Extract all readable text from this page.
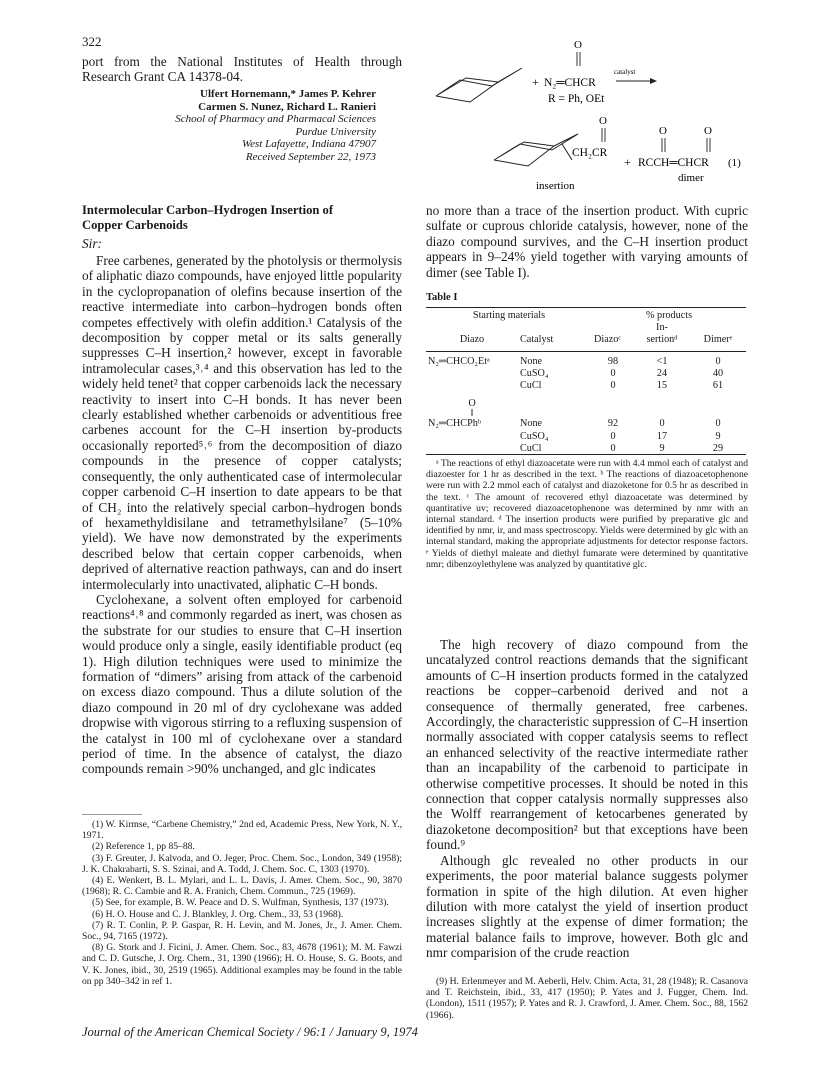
322

port from the National Institutes of Health through Research Grant CA 14378-04.

Ulfert Hornemann,* James P. Kehrer
Carmen S. Nunez, Richard L. Ranieri
School of Pharmacy and Pharmacal Sciences
Purdue University
West Lafayette, Indiana 47907
Received September 22, 1973
O
+ N₂═CHCR
catalyst
R = Ph, OEt
O
CH₂CR
O	O
+ RCCH═CHCR (1)
dimer
insertion
Intermolecular Carbon–Hydrogen Insertion of
Copper Carbenoids
Sir:

Free carbenes, generated by the photolysis or thermolysis of aliphatic diazo compounds, have enjoyed little popularity in the cyclopropanation of olefins because insertion of the reactive intermediate into carbon–hydrogen bonds often competes effectively with olefin addition.¹ Catalysis of the decomposition by copper metal or its salts generally suppresses C–H insertion,² however, except in favorable intramolecular cases,³˒⁴ and this observation has led to the widely held tenet² that copper carbenoids lack the necessary reactivity to insert into C–H bonds. It has never been clearly established whether carbenoids or adventitious free carbenes account for the C–H insertion by-products occasionally reported⁵˒⁶ from the decomposition of diazo compounds in the presence of copper catalysts; consequently, the only authenticated case of intermolecular copper carbenoid C–H insertion to date appears to be that of CH₂ into the relatively special carbon–hydrogen bonds of hexamethyldisilane and tetramethylsilane⁷ (5–10% yield). We have now demonstrated by the experiments described below that certain copper carbenoids, when deprived of alternative reaction pathways, can and do insert intermolecularly into unactivated, aliphatic C–H bonds.

Cyclohexane, a solvent often employed for carbenoid reactions⁴˒⁸ and commonly regarded as inert, was chosen as the substrate for our studies to ensure that C–H insertion would produce only a single, easily identifiable product (eq 1). High dilution techniques were used to minimize the formation of “dimers” arising from attack of the carbenoid on excess diazo compound. Thus a dilute solution of the diazo compound in 20 ml of dry cyclohexane was added dropwise with vigorous stirring to a refluxing suspension of the catalyst in 100 ml of cyclohexane over a standard period of time. In the absence of catalyst, the diazo compounds remain >90% unchanged, and glc indicates

no more than a trace of the insertion product. With cupric sulfate or cuprous chloride catalysis, however, none of the diazo compound survives, and the C–H insertion product appears in 9–24% yield together with varying amounts of dimer (see Table I).

Table I
Starting materials		% products		
			In-	
Diazo	Catalyst	Diazoᶜ	sertionᵈ	Dimerᵉ

N₂═CHCO₂Etᵃ	None	98	<1	0
	CuSO₄	0	24	40
	CuCl	0	15	61
O				
‖				
N₂═CHCPhᵇ	None	92	0	0
	CuSO₄	0	17	9
	CuCl	0	9	29

ᵃ The reactions of ethyl diazoacetate were run with 4.4 mmol each of catalyst and diazoester for 1 hr as described in the text. ᵇ The reactions of diazoacetophenone were run with 2.2 mmol each of catalyst and diazoketone for 0.5 hr as described in the text. ᶜ The amount of recovered ethyl diazoacetate was determined by quantitative uv; recovered diazoacetophenone was determined by nmr with an internal standard. ᵈ The insertion products were purified by preparative glc and identified by nmr, ir, and mass spectroscopy. Yields were determined by glc with an internal standard, making the appropriate adjustments for detector response factors. ᵉ Yields of diethyl maleate and diethyl fumarate were determined by quantitative nmr; dibenzoylethylene was analyzed by quantitative glc.

The high recovery of diazo compound from the uncatalyzed control reactions demands that the significant amounts of C–H insertion products formed in the catalyzed reactions be copper–carbenoid derived and not a consequence of thermally generated, free carbenes. Accordingly, the characteristic suppression of C–H insertion normally associated with copper catalysis seems to reflect an enhanced selectivity of the reactive intermediate rather than an incapability of the carbenoid to participate in otherwise competitive processes. It should be noted in this connection that copper catalysis normally suppresses also the Wolff rearrangement of ketocarbenes generated by diazoketone decomposition² but that exceptions have been found.⁹

Although glc revealed no other products in our experiments, the poor material balance suggests polymer formation in spite of the high dilution. At even higher dilution with more catalyst the yield of insertion product increases slightly at the expense of dimer formation; the material balance fails to improve, however. Both glc and nmr comparision of the crude reaction

(1) W. Kirmse, “Carbene Chemistry,” 2nd ed, Academic Press, New York, N. Y., 1971.

(2) Reference 1, pp 85–88.

(3) F. Greuter, J. Kalvoda, and O. Jeger, Proc. Chem. Soc., London, 349 (1958); J. K. Chakrabarti, S. S. Szinai, and A. Todd, J. Chem. Soc. C, 1303 (1970).

(4) E. Wenkert, B. L. Mylari, and L. L. Davis, J. Amer. Chem. Soc., 90, 3870 (1968); R. C. Cambie and R. A. Franich, Chem. Commun., 725 (1969).

(5) See, for example, B. W. Peace and D. S. Wulfman, Synthesis, 137 (1973).

(6) H. O. House and C. J. Blankley, J. Org. Chem., 33, 53 (1968).

(7) R. T. Conlin, P. P. Gaspar, R. H. Levin, and M. Jones, Jr., J. Amer. Chem. Soc., 94, 7165 (1972).

(8) G. Stork and J. Ficini, J. Amer. Chem. Soc., 83, 4678 (1961); M. M. Fawzi and C. D. Gutsche, J. Org. Chem., 31, 1390 (1966); H. O. House, S. G. Boots, and V. K. Jones, ibid., 30, 2519 (1965). Additional examples may be found in the table on pp 340–342 in ref 1.	(9) H. Erlenmeyer and M. Aeberli, Helv. Chim. Acta, 31, 28 (1948); R. Casanova and T. Reichstein, ibid., 33, 417 (1950); P. Yates and J. Fugger, Chem. Ind. (London), 1511 (1957); P. Yates and R. J. Crawford, J. Amer. Chem. Soc., 88, 1562 (1966).

Journal of the American Chemical Society / 96:1 / January 9, 1974
